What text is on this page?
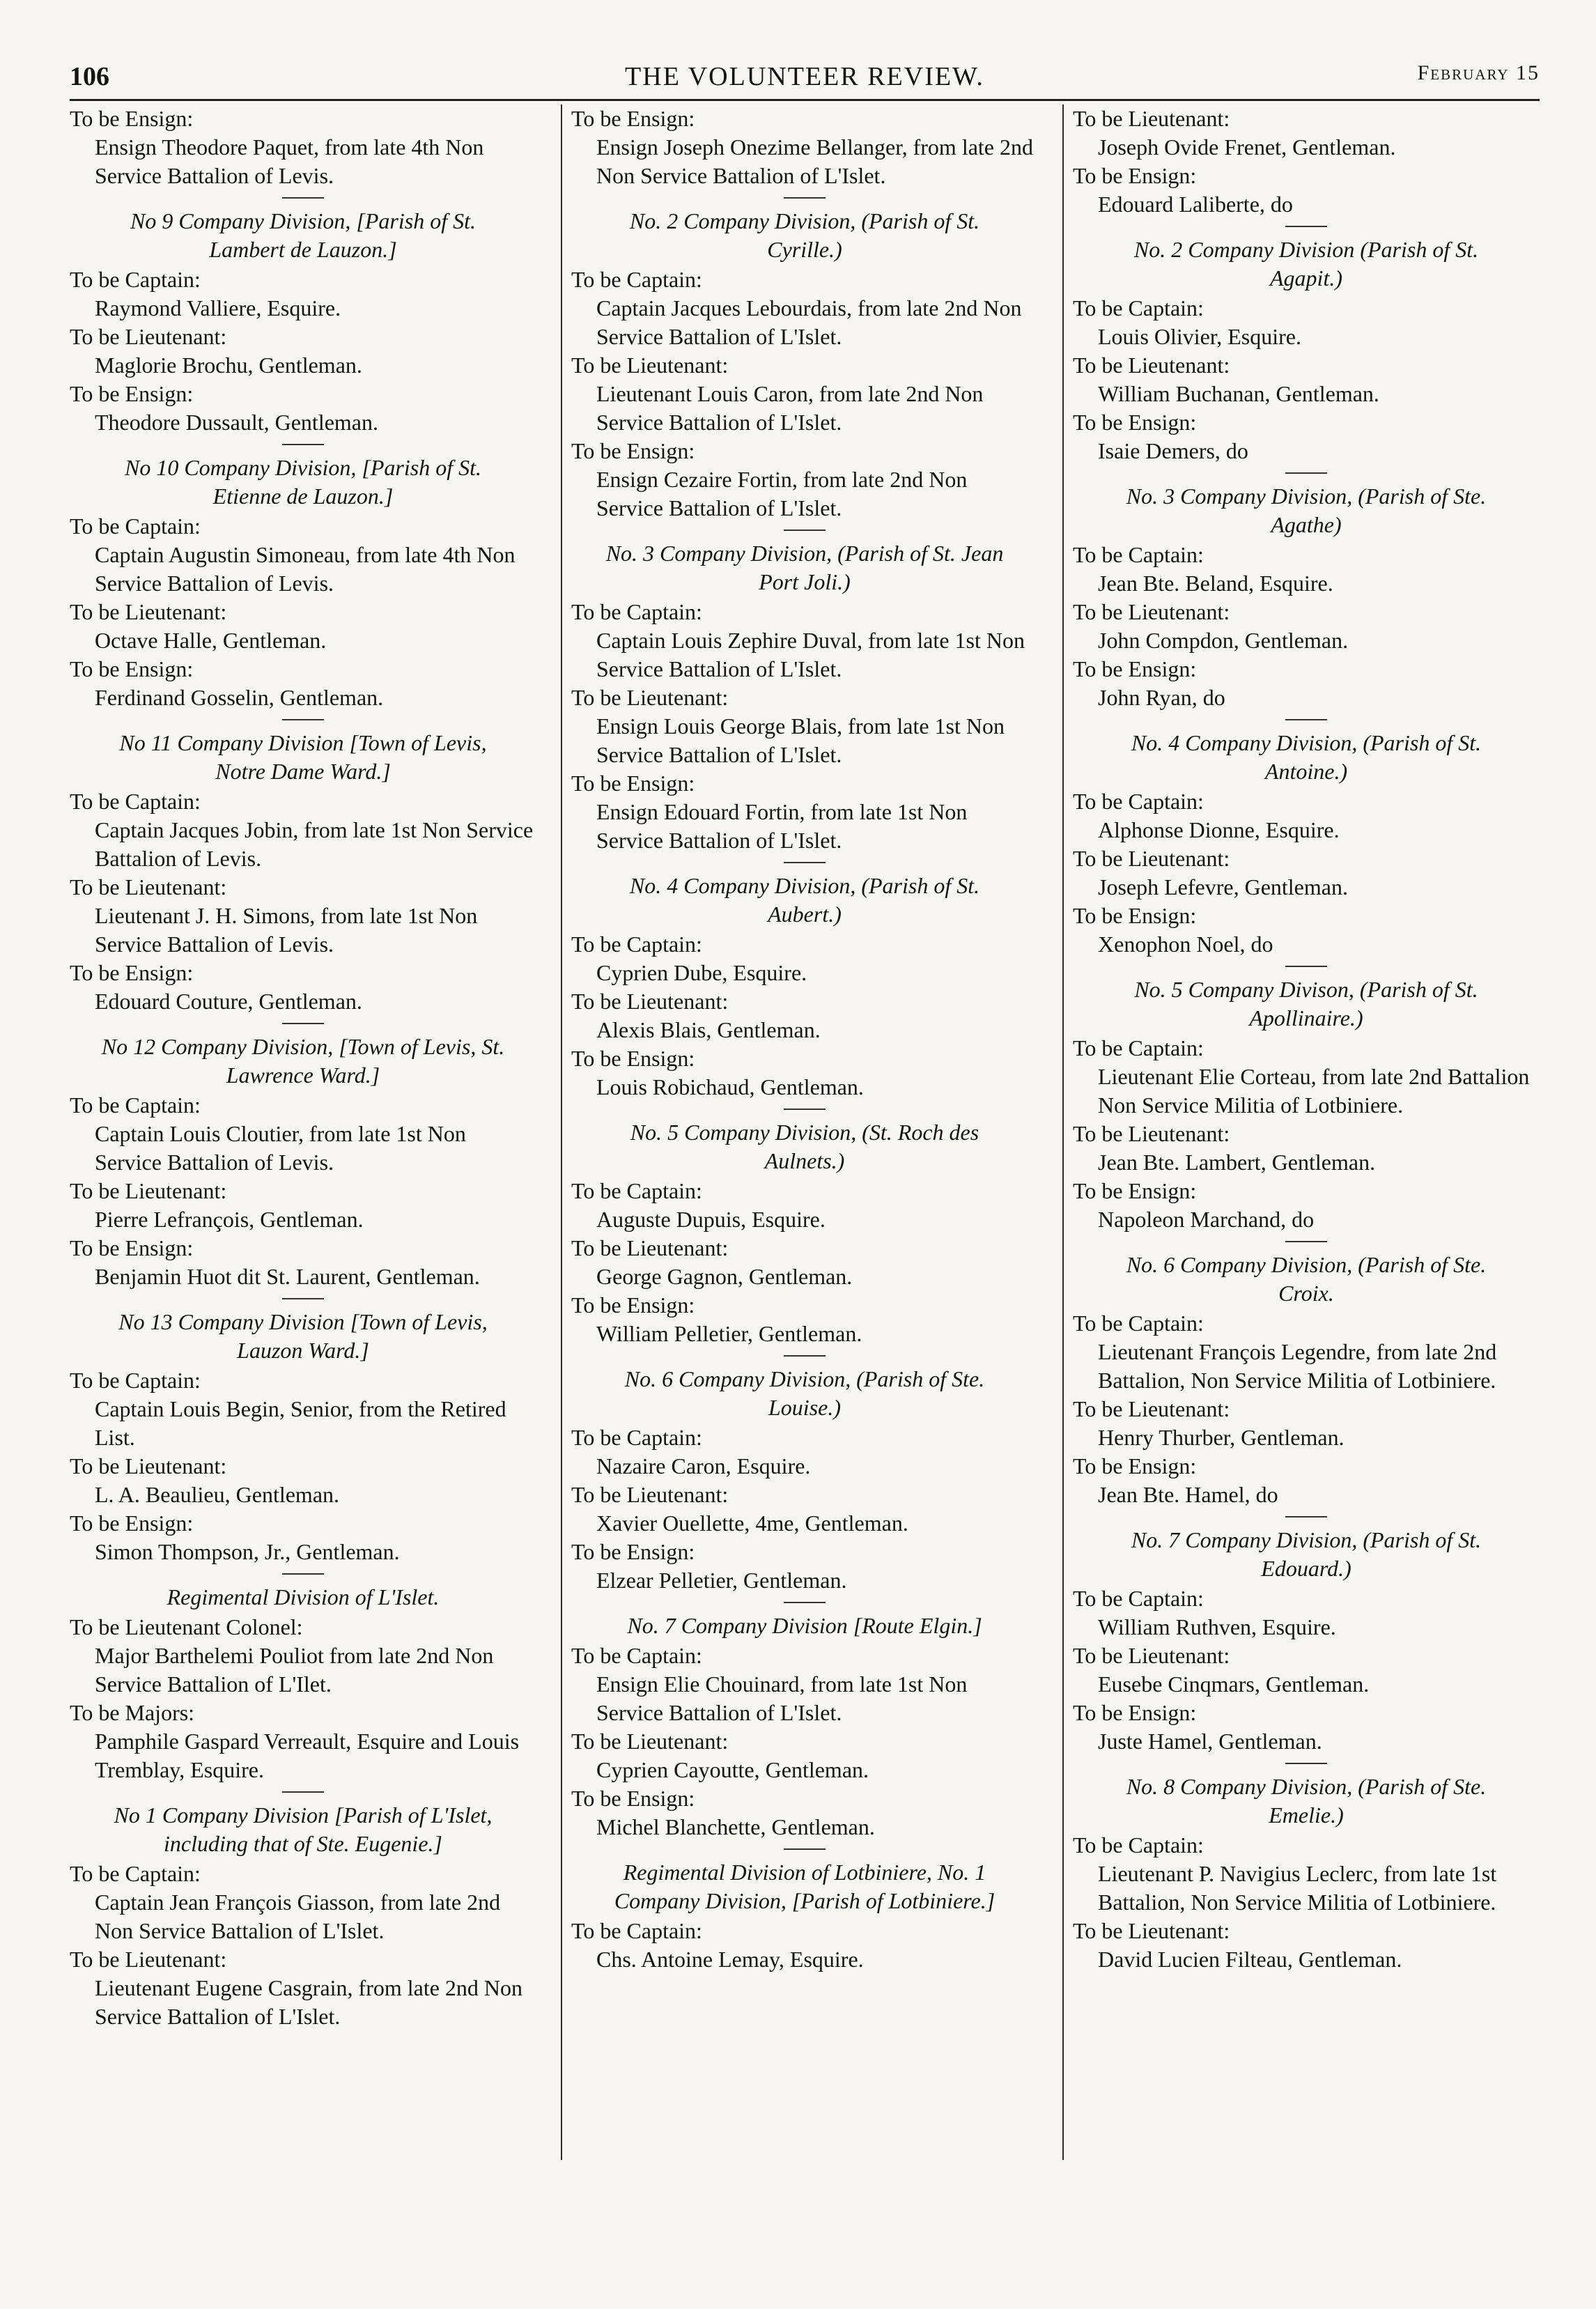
106	THE VOLUNTEER REVIEW.	February 15
To be Ensign:
Ensign Theodore Paquet, from late 4th Non Service Battalion of Levis.
No 9 Company Division, [Parish of St. Lambert de Lauzon.]
To be Captain:
Raymond Valliere, Esquire.
To be Lieutenant:
Maglorie Brochu, Gentleman.
To be Ensign:
Theodore Dussault, Gentleman.
No 10 Company Division, [Parish of St. Etienne de Lauzon.]
To be Captain:
Captain Augustin Simoneau, from late 4th Non Service Battalion of Levis.
To be Lieutenant:
Octave Halle, Gentleman.
To be Ensign:
Ferdinand Gosselin, Gentleman.
No 11 Company Division [Town of Levis, Notre Dame Ward.]
To be Captain:
Captain Jacques Jobin, from late 1st Non Service Battalion of Levis.
To be Lieutenant:
Lieutenant J. H. Simons, from late 1st Non Service Battalion of Levis.
To be Ensign:
Edouard Couture, Gentleman.
No 12 Company Division, [Town of Levis, St. Lawrence Ward.]
To be Captain:
Captain Louis Cloutier, from late 1st Non Service Battalion of Levis.
To be Lieutenant:
Pierre Lefrançois, Gentleman.
To be Ensign:
Benjamin Huot dit St. Laurent, Gentleman.
No 13 Company Division [Town of Levis, Lauzon Ward.]
To be Captain:
Captain Louis Begin, Senior, from the Retired List.
To be Lieutenant:
L. A. Beaulieu, Gentleman.
To be Ensign:
Simon Thompson, Jr., Gentleman.
Regimental Division of L'Islet.
To be Lieutenant Colonel:
Major Barthelemi Pouliot from late 2nd Non Service Battalion of L'Ilet.
To be Majors:
Pamphile Gaspard Verreault, Esquire and Louis Tremblay, Esquire.
No 1 Company Division [Parish of L'Islet, including that of Ste. Eugenie.]
To be Captain:
Captain Jean François Giasson, from late 2nd Non Service Battalion of L'Islet.
To be Lieutenant:
Lieutenant Eugene Casgrain, from late 2nd Non Service Battalion of L'Islet.
To be Ensign:
Ensign Joseph Onezime Bellanger, from late 2nd Non Service Battalion of L'Islet.
No. 2 Company Division, (Parish of St. Cyrille.)
To be Captain:
Captain Jacques Lebourdais, from late 2nd Non Service Battalion of L'Islet.
To be Lieutenant:
Lieutenant Louis Caron, from late 2nd Non Service Battalion of L'Islet.
To be Ensign:
Ensign Cezaire Fortin, from late 2nd Non Service Battalion of L'Islet.
No. 3 Company Division, (Parish of St. Jean Port Joli.)
To be Captain:
Captain Louis Zephire Duval, from late 1st Non Service Battalion of L'Islet.
To be Lieutenant:
Ensign Louis George Blais, from late 1st Non Service Battalion of L'Islet.
To be Ensign:
Ensign Edouard Fortin, from late 1st Non Service Battalion of L'Islet.
No. 4 Company Division, (Parish of St. Aubert.)
To be Captain:
Cyprien Dube, Esquire.
To be Lieutenant:
Alexis Blais, Gentleman.
To be Ensign:
Louis Robichaud, Gentleman.
No. 5 Company Division, (St. Roch des Aulnets.)
To be Captain:
Auguste Dupuis, Esquire.
To be Lieutenant:
George Gagnon, Gentleman.
To be Ensign:
William Pelletier, Gentleman.
No. 6 Company Division, (Parish of Ste. Louise.)
To be Captain:
Nazaire Caron, Esquire.
To be Lieutenant:
Xavier Ouellette, 4me, Gentleman.
To be Ensign:
Elzear Pelletier, Gentleman.
No. 7 Company Division [Route Elgin.]
To be Captain:
Ensign Elie Chouinard, from late 1st Non Service Battalion of L'Islet.
To be Lieutenant:
Cyprien Cayoutte, Gentleman.
To be Ensign:
Michel Blanchette, Gentleman.
Regimental Division of Lotbiniere, No. 1 Company Division, [Parish of Lotbiniere.]
To be Captain:
Chs. Antoine Lemay, Esquire.
To be Lieutenant:
Joseph Ovide Frenet, Gentleman.
To be Ensign:
Edouard Laliberte, do
No. 2 Company Division (Parish of St. Agapit.)
To be Captain:
Louis Olivier, Esquire.
To be Lieutenant:
William Buchanan, Gentleman.
To be Ensign:
Isaie Demers, do
No. 3 Company Division, (Parish of Ste. Agathe)
To be Captain:
Jean Bte. Beland, Esquire.
To be Lieutenant:
John Compdon, Gentleman.
To be Ensign:
John Ryan, do
No. 4 Company Division, (Parish of St. Antoine.)
To be Captain:
Alphonse Dionne, Esquire.
To be Lieutenant:
Joseph Lefevre, Gentleman.
To be Ensign:
Xenophon Noel, do
No. 5 Company Divison, (Parish of St. Apollinaire.)
To be Captain:
Lieutenant Elie Corteau, from late 2nd Battalion Non Service Militia of Lotbiniere.
To be Lieutenant:
Jean Bte. Lambert, Gentleman.
To be Ensign:
Napoleon Marchand, do
No. 6 Company Division, (Parish of Ste. Croix.
To be Captain:
Lieutenant François Legendre, from late 2nd Battalion, Non Service Militia of Lotbiniere.
To be Lieutenant:
Henry Thurber, Gentleman.
To be Ensign:
Jean Bte. Hamel, do
No. 7 Company Division, (Parish of St. Edouard.)
To be Captain:
William Ruthven, Esquire.
To be Lieutenant:
Eusebe Cinqmars, Gentleman.
To be Ensign:
Juste Hamel, Gentleman.
No. 8 Company Division, (Parish of Ste. Emelie.)
To be Captain:
Lieutenant P. Navigius Leclerc, from late 1st Battalion, Non Service Militia of Lotbiniere.
To be Lieutenant:
David Lucien Filteau, Gentleman.
